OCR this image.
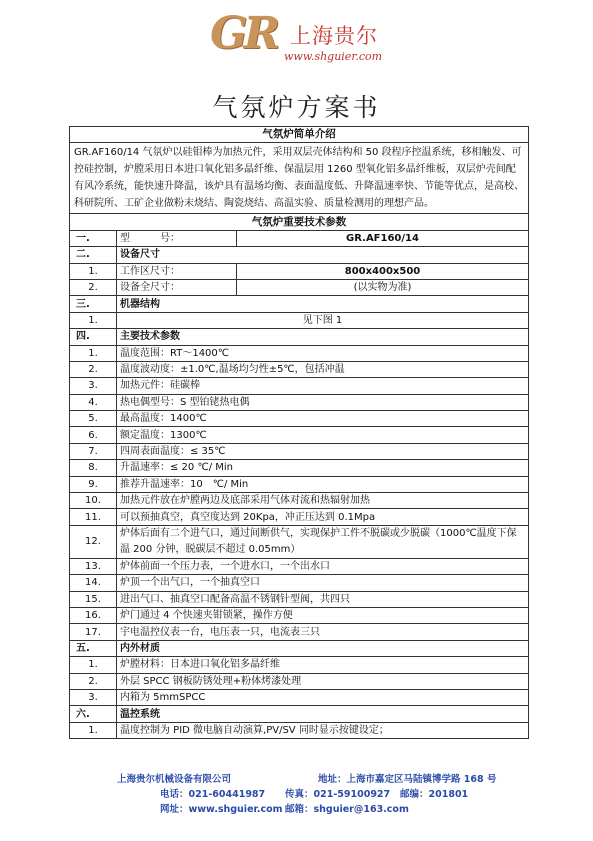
GR 上海贵尔
www.shguier.com
气氛炉方案书
气氛炉简单介绍		
GR.AF160/14 气氛炉以硅钼棒为加热元件，采用双层壳体结构和 50 段程序控温系统，移相触发、可控硅控制，炉膛采用日本进口氧化铝多晶纤维、保温层用 1260 型氧化铝多晶纤维板，双层炉壳间配有风冷系统，能快速升降温，该炉具有温场均衡、表面温度低、升降温速率快、节能等优点，是高校、科研院所、工矿企业做粉末烧结、陶瓷烧结、高温实验、质量检测用的理想产品。		
气氛炉重要技术参数		
一.	型　　　号：	GR.AF160/14
二.	设备尺寸	
1.	工作区尺寸：	800x400x500
2.	设备全尺寸：	(以实物为准)
三.	机器结构	
1.	见下图 1	
四.	主要技术参数	
1.	温度范围：RT～1400℃	
2.	温度波动度：±1.0℃,温场均匀性±5℃，包括冲温	
3.	加热元件：硅碳棒	
4.	热电偶型号：S 型铂铑热电偶	
5.	最高温度：1400℃	
6.	额定温度：1300℃	
7.	四周表面温度：≤ 35℃	
8.	升温速率：≤ 20 ℃/ Min	
9.	推荐升温速率：10　℃/ Min	
10.	加热元件放在炉膛两边及底部采用气体对流和热辐射加热	
11.	可以预抽真空，真空度达到 20Kpa，冲正压达到 0.1Mpa	
12.	炉体后面有二个进气口，通过间断供气，实现保护工件不脱碳或少脱碳（1000℃温度下保温 200 分钟，脱碳层不超过 0.05mm）	
13.	炉体前面一个压力表，一个进水口，一个出水口	
14.	炉顶一个出气口，一个抽真空口	
15.	进出气口、抽真空口配备高温不锈钢针型阀，共四只	
16.	炉门通过 4 个快速夹钳锁紧，操作方便	
17.	宇电温控仪表一台，电压表一只，电流表三只	
五.	内外材质	
1.	炉膛材料：日本进口氧化铝多晶纤维	
2.	外层 SPCC 钢板防锈处理+粉体烤漆处理	
3.	内箱为 5mmSPCC	
六.	温控系统	
1.	温度控制为 PID 微电脑自动演算,PV/SV 同时显示按键设定；	
上海贵尔机械设备有限公司	地址：上海市嘉定区马陆镇博学路 168 号
电话：021-60441987 传真：021-59100927 邮编：201801
网址：www.shguier.com 邮箱：shguier@163.com
